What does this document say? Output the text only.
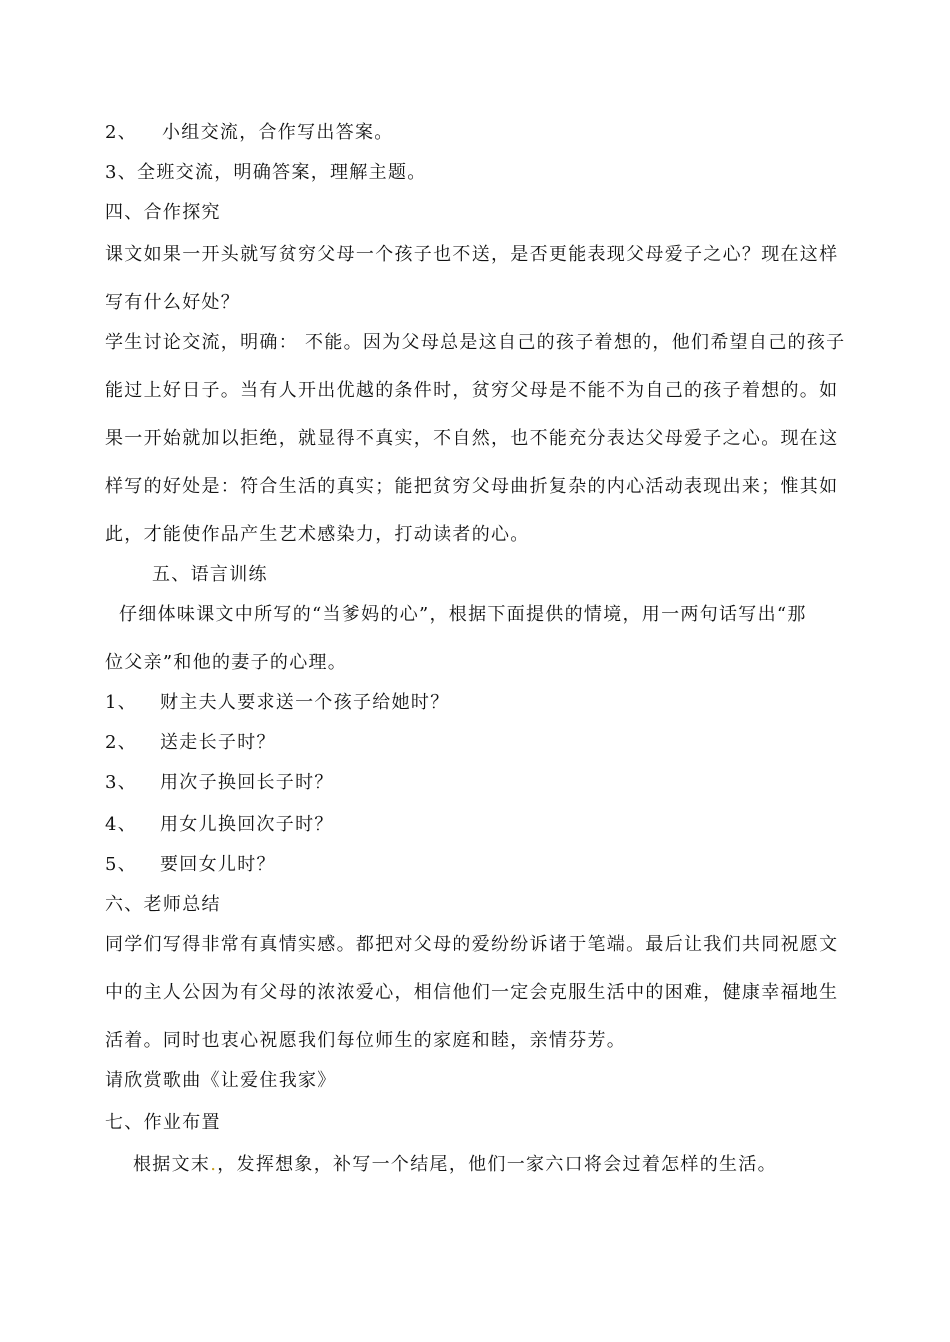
2、 小组交流，合作写出答案。
3、全班交流，明确答案，理解主题。
四、合作探究
课文如果一开头就写贫穷父母一个孩子也不送，是否更能表现父母爱子之心？现在这样
写有什么好处？
学生讨论交流，明确： 不能。因为父母总是这自己的孩子着想的，他们希望自己的孩子
能过上好日子。当有人开出优越的条件时，贫穷父母是不能不为自己的孩子着想的。如
果一开始就加以拒绝，就显得不真实，不自然，也不能充分表达父母爱子之心。现在这
样写的好处是：符合生活的真实；能把贫穷父母曲折复杂的内心活动表现出来；惟其如
此，才能使作品产生艺术感染力，打动读者的心。
五、语言训练
仔细体味课文中所写的“当爹妈的心”，根据下面提供的情境，用一两句话写出“那
位父亲”和他的妻子的心理。
1、 财主夫人要求送一个孩子给她时？
2、 送走长子时？
3、 用次子换回长子时？
4、 用女儿换回次子时？
5、 要回女儿时？
六、老师总结
同学们写得非常有真情实感。都把对父母的爱纷纷诉诸于笔端。最后让我们共同祝愿文
中的主人公因为有父母的浓浓爱心，相信他们一定会克服生活中的困难，健康幸福地生
活着。同时也衷心祝愿我们每位师生的家庭和睦，亲情芬芳。
请欣赏歌曲《让爱住我家》
七、作业布置
根据文末.，发挥想象，补写一个结尾，他们一家六口将会过着怎样的生活。
